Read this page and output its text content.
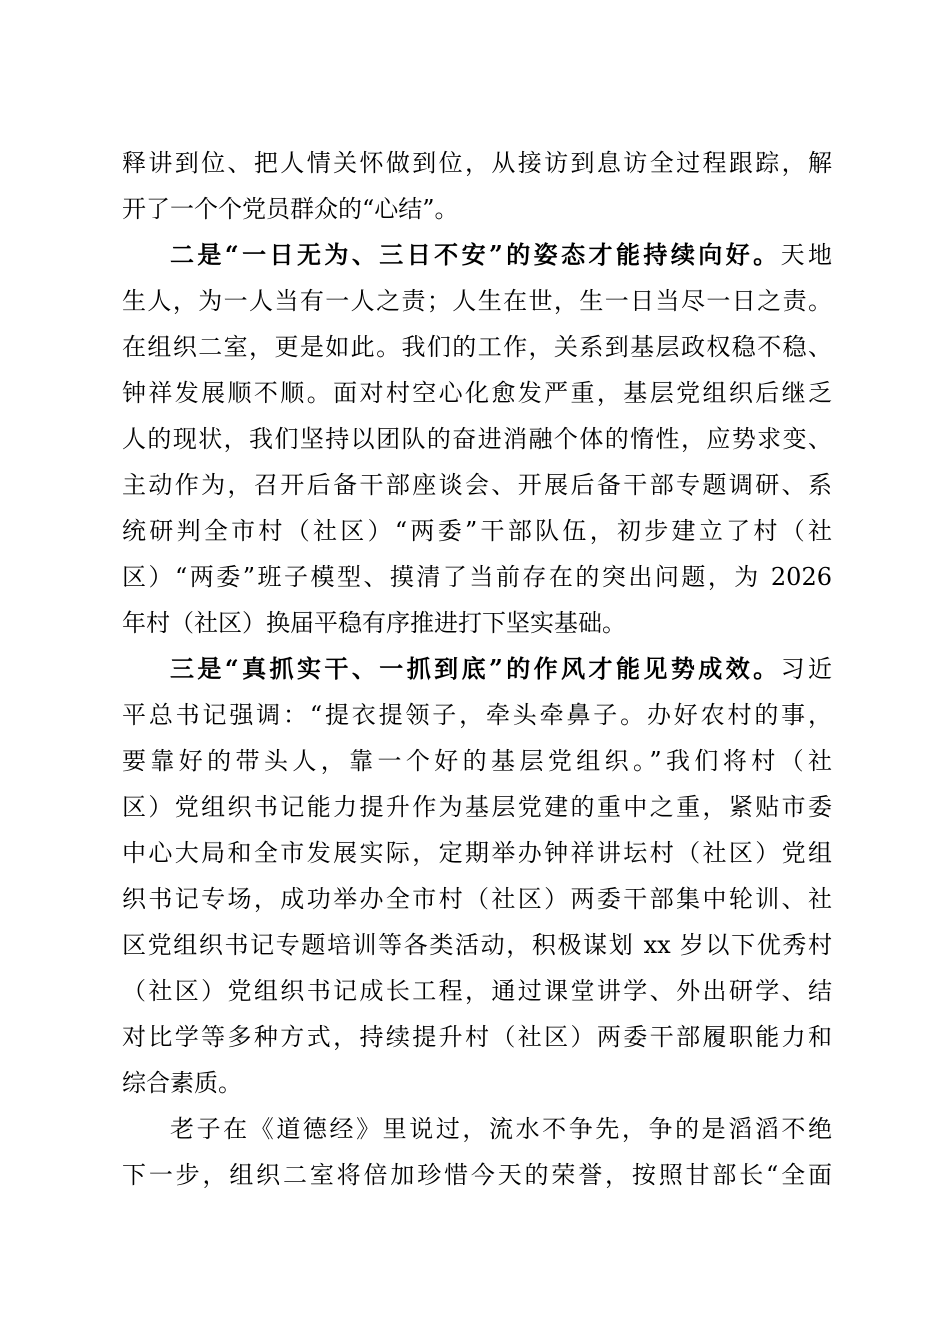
释讲到位、把人情关怀做到位，从接访到息访全过程跟踪，解
开了一个个党员群众的“心结”。
二是“一日无为、三日不安”的姿态才能持续向好。天地
生人，为一人当有一人之责；人生在世，生一日当尽一日之责。
在组织二室，更是如此。我们的工作，关系到基层政权稳不稳、
钟祥发展顺不顺。面对村空心化愈发严重，基层党组织后继乏
人的现状，我们坚持以团队的奋进消融个体的惰性，应势求变、
主动作为，召开后备干部座谈会、开展后备干部专题调研、系
统研判全市村（社区）“两委”干部队伍，初步建立了村（社
区）“两委”班子模型、摸清了当前存在的突出问题，为 2026
年村（社区）换届平稳有序推进打下坚实基础。
三是“真抓实干、一抓到底”的作风才能见势成效。习近
平总书记强调：“提衣提领子，牵头牵鼻子。办好农村的事，
要靠好的带头人，靠一个好的基层党组织。”我们将村（社
区）党组织书记能力提升作为基层党建的重中之重，紧贴市委
中心大局和全市发展实际，定期举办钟祥讲坛村（社区）党组
织书记专场，成功举办全市村（社区）两委干部集中轮训、社
区党组织书记专题培训等各类活动，积极谋划 xx 岁以下优秀村
（社区）党组织书记成长工程，通过课堂讲学、外出研学、结
对比学等多种方式，持续提升村（社区）两委干部履职能力和
综合素质。
老子在《道德经》里说过，流水不争先，争的是滔滔不绝
下一步，组织二室将倍加珍惜今天的荣誉，按照甘部长“全面
